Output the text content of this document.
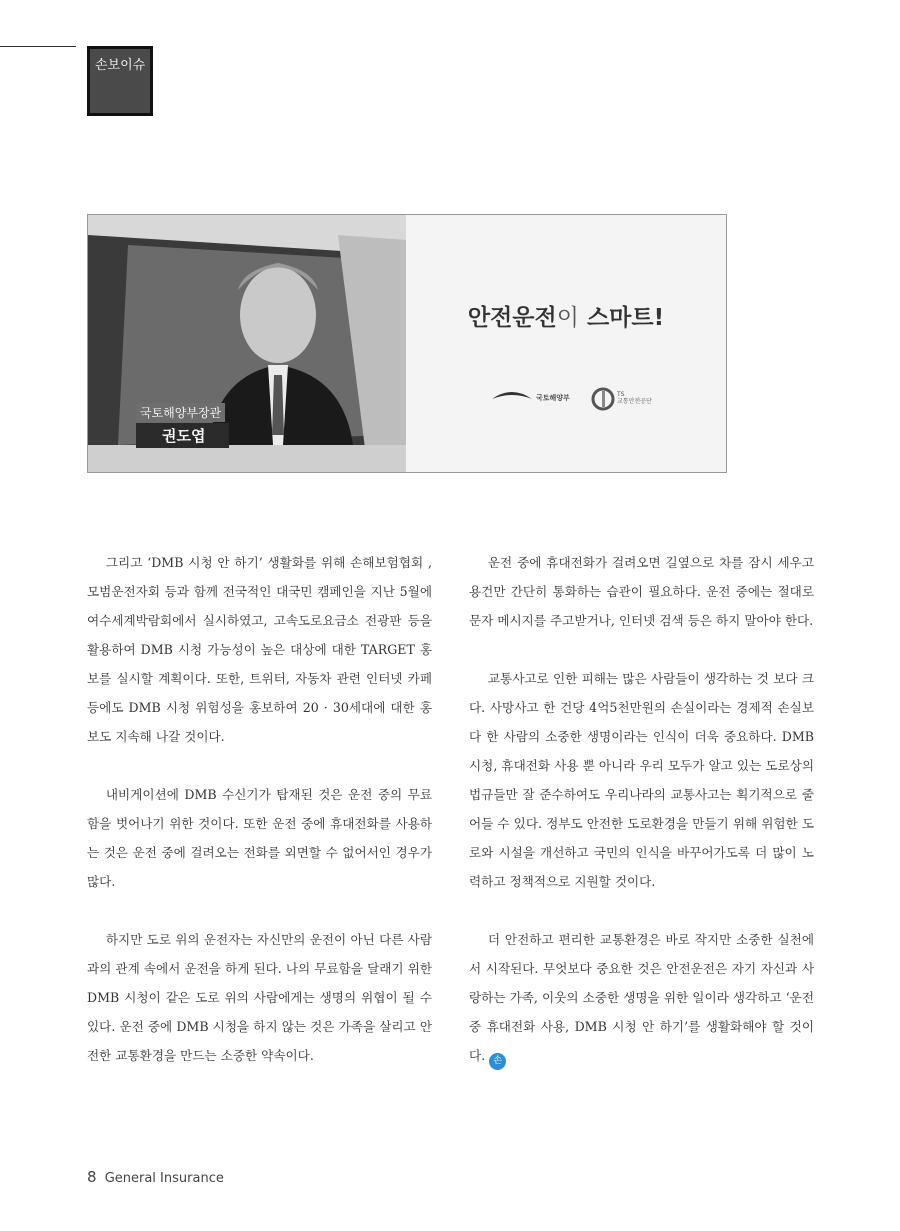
손보이슈
국토해양부장관
권도엽
안전운전이 스마트!
국토해양부	TS
교통안전공단

그리고 ‘DMB 시청 안 하기’ 생활화를 위해 손해보험협회 ,모범운전자회 등과 함께 전국적인 대국민 캠페인을 지난 5월에 여수세계박람회에서 실시하였고, 고속도로요금소 전광판 등을 활용하여 DMB 시청 가능성이 높은 대상에 대한 TARGET 홍보를 실시할 계획이다. 또한, 트위터, 자동차 관련 인터넷 카페 등에도 DMB 시청 위험성을 홍보하여 20 · 30세대에 대한 홍보도 지속해 나갈 것이다.

내비게이션에 DMB 수신기가 탑재된 것은 운전 중의 무료함을 벗어나기 위한 것이다. 또한 운전 중에 휴대전화를 사용하는 것은 운전 중에 걸려오는 전화를 외면할 수 없어서인 경우가 많다.

하지만 도로 위의 운전자는 자신만의 운전이 아닌 다른 사람과의 관계 속에서 운전을 하게 된다. 나의 무료함을 달래기 위한 DMB 시청이 같은 도로 위의 사람에게는 생명의 위협이 될 수 있다. 운전 중에 DMB 시청을 하지 않는 것은 가족을 살리고 안전한 교통환경을 만드는 소중한 약속이다.

운전 중에 휴대전화가 걸려오면 길옆으로 차를 잠시 세우고 용건만 간단히 통화하는 습관이 필요하다. 운전 중에는 절대로 문자 메시지를 주고받거나, 인터넷 검색 등은 하지 말아야 한다.

교통사고로 인한 피해는 많은 사람들이 생각하는 것 보다 크다. 사망사고 한 건당 4억5천만원의 손실이라는 경제적 손실보다 한 사람의 소중한 생명이라는 인식이 더욱 중요하다. DMB 시청, 휴대전화 사용 뿐 아니라 우리 모두가 알고 있는 도로상의 법규들만 잘 준수하여도 우리나라의 교통사고는 획기적으로 줄어들 수 있다. 정부도 안전한 도로환경을 만들기 위해 위험한 도로와 시설을 개선하고 국민의 인식을 바꾸어가도록 더 많이 노력하고 정책적으로 지원할 것이다.

더 안전하고 편리한 교통환경은 바로 작지만 소중한 실천에서 시작된다. 무엇보다 중요한 것은 안전운전은 자기 자신과 사랑하는 가족, 이웃의 소중한 생명을 위한 일이라 생각하고 ‘운전 중 휴대전화 사용, DMB 시청 안 하기’를 생활화해야 할 것이다. 손

8 General Insurance
